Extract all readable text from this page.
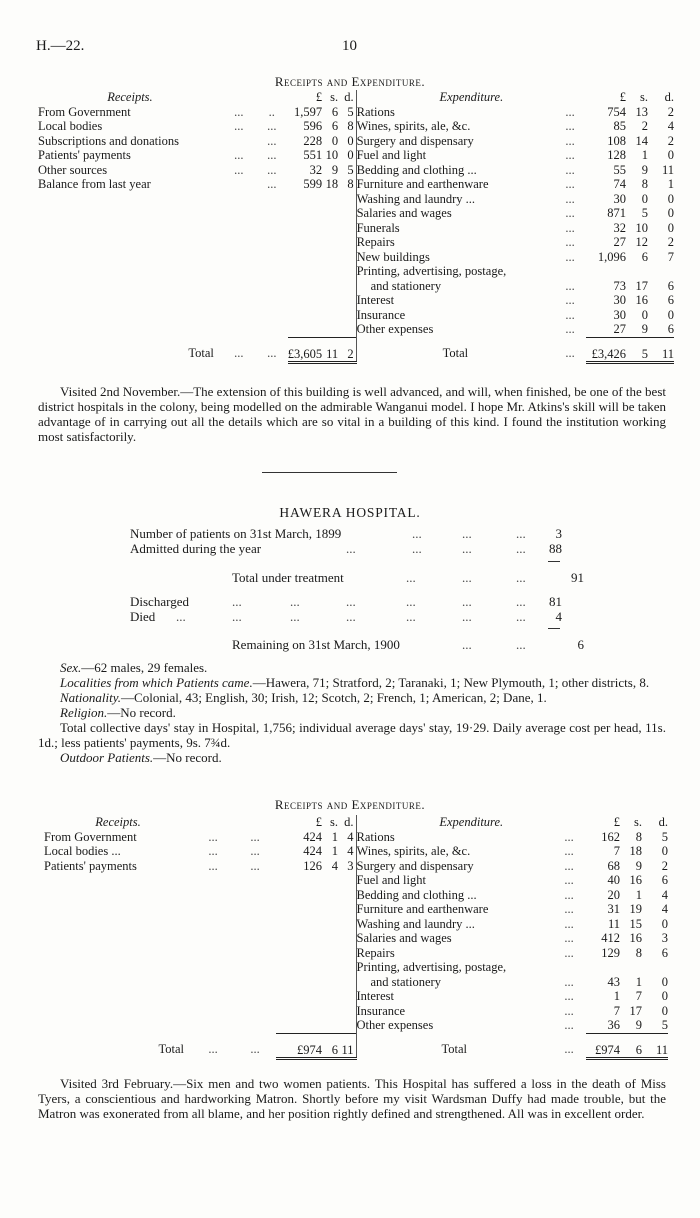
H.—22.	10
Receipts and Expenditure.
Receipts.			£	s.	d.	Expenditure.		£	s.	d.
From Government	...	..	1,597	6	5	Rations	...	754	13	2
Local bodies	...	...	596	6	8	Wines, spirits, ale, &c.	...	85	2	4
Subscriptions and donations		...	228	0	0	Surgery and dispensary	...	108	14	2
Patients' payments	...	...	551	10	0	Fuel and light	...	128	1	0
Other sources	...	...	32	9	5	Bedding and clothing ...	...	55	9	11
Balance from last year		...	599	18	8	Furniture and earthenware	...	74	8	1
						Washing and laundry ...	...	30	0	0
						Salaries and wages	...	871	5	0
						Funerals	...	32	10	0
						Repairs	...	27	12	2
						New buildings	...	1,096	6	7

Printing, advertising, postage,				

						and stationery	...	73	17	6
						Interest	...	30	16	6
						Insurance	...	30	0	0
						Other expenses	...	27	9	6
Total	...	...	£3,605	11	2	Total	...	£3,426	5	11
Visited 2nd November.—The extension of this building is well advanced, and will, when finished, be one of the best district hospitals in the colony, being modelled on the admirable Wanganui model. I hope Mr. Atkins's skill will be taken advantage of in carrying out all the details which are so vital in a building of this kind. I found the institution working most satisfactorily.
HAWERA HOSPITAL.
Number of patients on 31st March, 1899	...	...	...	3
Admitted during the year	...	...	...	...	88
Total under treatment	...	...	...	91
Discharged	...	...	...	...	...	...	81
Died ...	...	...	...	...	...	...	4
Remaining on 31st March, 1900	...	...	6

Sex.—62 males, 29 females.

Localities from which Patients came.—Hawera, 71; Stratford, 2; Taranaki, 1; New Plymouth, 1; other districts, 8.

Nationality.—Colonial, 43; English, 30; Irish, 12; Scotch, 2; French, 1; American, 2; Dane, 1.

Religion.—No record.

Total collective days' stay in Hospital, 1,756; individual average days' stay, 19·29. Daily average cost per head, 11s. 1d.; less patients' payments, 9s. 7¾d.

Outdoor Patients.—No record.

Receipts and Expenditure.
Receipts.			£	s.	d.	Expenditure.		£	s.	d.
From Government	...	...	424	1	4	Rations	...	162	8	5
Local bodies ...	...	...	424	1	4	Wines, spirits, ale, &c.	...	7	18	0
Patients' payments	...	...	126	4	3	Surgery and dispensary	...	68	9	2
						Fuel and light	...	40	16	6
						Bedding and clothing ...	...	20	1	4
						Furniture and earthenware	...	31	19	4
						Washing and laundry ...	...	11	15	0
						Salaries and wages	...	412	16	3
						Repairs	...	129	8	6

Printing, advertising, postage,				

						and stationery	...	43	1	0
						Interest	...	1	7	0
						Insurance	...	7	17	0
						Other expenses	...	36	9	5
Total	...	...	£974	6	11	Total	...	£974	6	11
Visited 3rd February.—Six men and two women patients. This Hospital has suffered a loss in the death of Miss Tyers, a conscientious and hardworking Matron. Shortly before my visit Wardsman Duffy had made trouble, but the Matron was exonerated from all blame, and her position rightly defined and strengthened. All was in excellent order.
